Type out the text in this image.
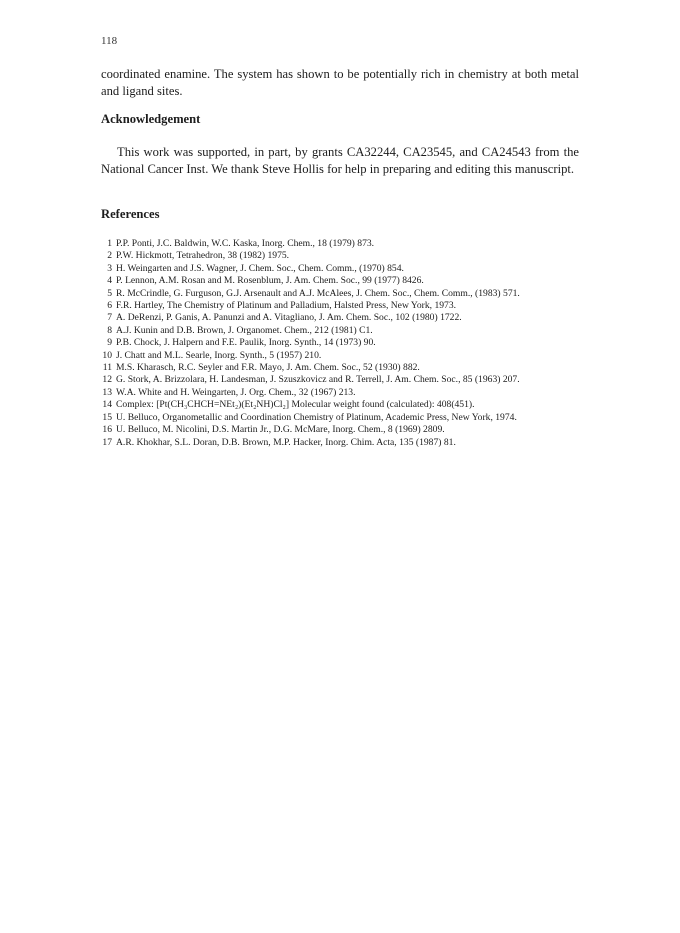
118

coordinated enamine. The system has shown to be potentially rich in chemistry at both metal and ligand sites.

Acknowledgement

This work was supported, in part, by grants CA32244, CA23545, and CA24543 from the National Cancer Inst. We thank Steve Hollis for help in preparing and editing this manuscript.

References
1 P.P. Ponti, J.C. Baldwin, W.C. Kaska, Inorg. Chem., 18 (1979) 873.
2 P.W. Hickmott, Tetrahedron, 38 (1982) 1975.
3 H. Weingarten and J.S. Wagner, J. Chem. Soc., Chem. Comm., (1970) 854.
4 P. Lennon, A.M. Rosan and M. Rosenblum, J. Am. Chem. Soc., 99 (1977) 8426.
5 R. McCrindle, G. Furguson, G.J. Arsenault and A.J. McAlees, J. Chem. Soc., Chem. Comm., (1983) 571.
6 F.R. Hartley, The Chemistry of Platinum and Palladium, Halsted Press, New York, 1973.
7 A. DeRenzi, P. Ganis, A. Panunzi and A. Vitagliano, J. Am. Chem. Soc., 102 (1980) 1722.
8 A.J. Kunin and D.B. Brown, J. Organomet. Chem., 212 (1981) C1.
9 P.B. Chock, J. Halpern and F.E. Paulik, Inorg. Synth., 14 (1973) 90.
10 J. Chatt and M.L. Searle, Inorg. Synth., 5 (1957) 210.
11 M.S. Kharasch, R.C. Seyler and F.R. Mayo, J. Am. Chem. Soc., 52 (1930) 882.
12 G. Stork, A. Brizzolara, H. Landesman, J. Szuszkovicz and R. Terrell, J. Am. Chem. Soc., 85 (1963) 207.
13 W.A. White and H. Weingarten, J. Org. Chem., 32 (1967) 213.
14 Complex: [Pt(CH₃CHCH=NEt₂)(Et₂NH)Cl₂] Molecular weight found (calculated): 408(451).
15 U. Belluco, Organometallic and Coordination Chemistry of Platinum, Academic Press, New York, 1974.
16 U. Belluco, M. Nicolini, D.S. Martin Jr., D.G. McMare, Inorg. Chem., 8 (1969) 2809.
17 A.R. Khokhar, S.L. Doran, D.B. Brown, M.P. Hacker, Inorg. Chim. Acta, 135 (1987) 81.
